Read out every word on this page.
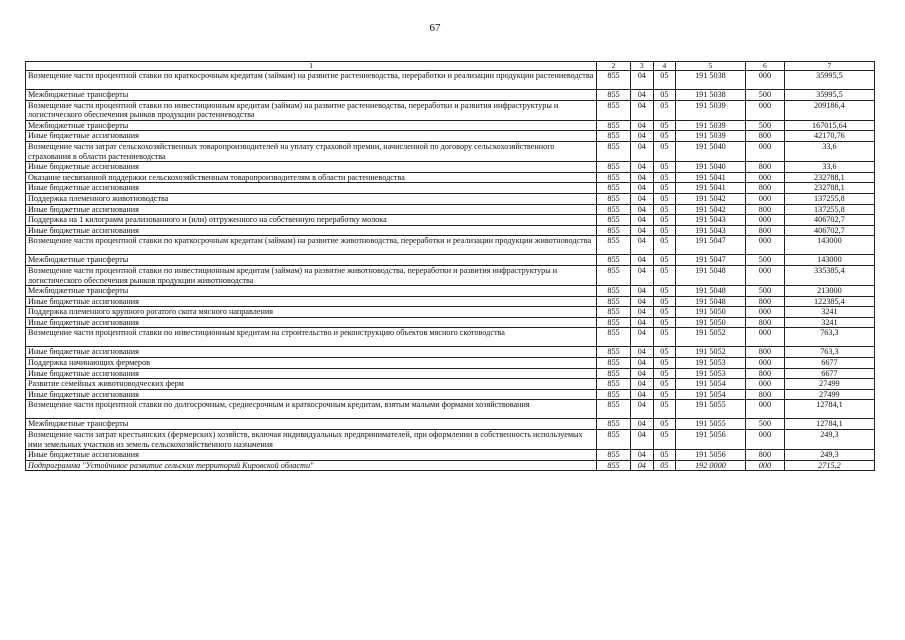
67
1	2	3	4	5	6	7
Возмещение части процентной ставки по краткосрочным кредитам (займам) на развитие растениеводства, переработки и реализации продукции растениеводства	855	04	05	191 5038	000	35995,5
Межбюджетные трансферты	855	04	05	191 5038	500	35995,5
Возмещение части процентной ставки по инвестиционным кредитам (займам) на развитие растениеводства, переработки и развития инфраструктуры и логистического обеспечения рынков продукции растениеводства	855	04	05	191 5039	000	209186,4
Межбюджетные трансферты	855	04	05	191 5039	500	167015,64
Иные бюджетные ассигнования	855	04	05	191 5039	800	42170,76
Возмещение части затрат сельскохозяйственных товаропроизводителей на уплату страховой премии, начисленной по договору сельскохозяйственного страхования в области растениеводства	855	04	05	191 5040	000	33,6
Иные бюджетные ассигнования	855	04	05	191 5040	800	33,6
Оказание несвязанной поддержки сельскохозяйственным товаропроизводителям в области растениеводства	855	04	05	191 5041	000	232788,1
Иные бюджетные ассигнования	855	04	05	191 5041	800	232788,1
Поддержка племенного животноводства	855	04	05	191 5042	000	137255,8
Иные бюджетные ассигнования	855	04	05	191 5042	800	137255,8
Поддержка на 1 килограмм реализованного и (или) отгруженного на собственную переработку молока	855	04	05	191 5043	000	406702,7
Иные бюджетные ассигнования	855	04	05	191 5043	800	406702,7
Возмещение части процентной ставки по краткосрочным кредитам (займам) на развитие животноводства, переработки и реализации продукции животноводства	855	04	05	191 5047	000	143000
Межбюджетные трансферты	855	04	05	191 5047	500	143000
Возмещение части процентной ставки по инвестиционным кредитам (займам) на развитие животноводства, переработки и развития инфраструктуры и логистического обеспечения рынков продукции животноводства	855	04	05	191 5048	000	335385,4
Межбюджетные трансферты	855	04	05	191 5048	500	213000
Иные бюджетные ассигнования	855	04	05	191 5048	800	122385,4
Поддержка племенного крупного рогатого скота мясного направления	855	04	05	191 5050	000	3241
Иные бюджетные ассигнования	855	04	05	191 5050	800	3241
Возмещение части процентной ставки по инвестиционным кредитам на строительство и реконструкцию объектов мясного скотоводства	855	04	05	191 5052	000	763,3
Иные бюджетные ассигнования	855	04	05	191 5052	800	763,3
Поддержка начинающих фермеров	855	04	05	191 5053	000	6677
Иные бюджетные ассигнования	855	04	05	191 5053	800	6677
Развитие семейных животноводческих ферм	855	04	05	191 5054	000	27499
Иные бюджетные ассигнования	855	04	05	191 5054	800	27499
Возмещение части процентной ставки по долгосрочным, среднесрочным и краткосрочным кредитам, взятым малыми формами хозяйствования	855	04	05	191 5055	000	12784,1
Межбюджетные трансферты	855	04	05	191 5055	500	12784,1
Возмещение части затрат крестьянских (фермерских) хозяйств, включая индивидуальных предпринимателей, при оформлении в собственность используемых ими земельных участков из земель сельскохозяйственного назначения	855	04	05	191 5056	000	249,3
Иные бюджетные ассигнования	855	04	05	191 5056	800	249,3
Подпрограмма "Устойчивое развитие сельских территорий Кировской области"	855	04	05	192 0000	000	2715,2
